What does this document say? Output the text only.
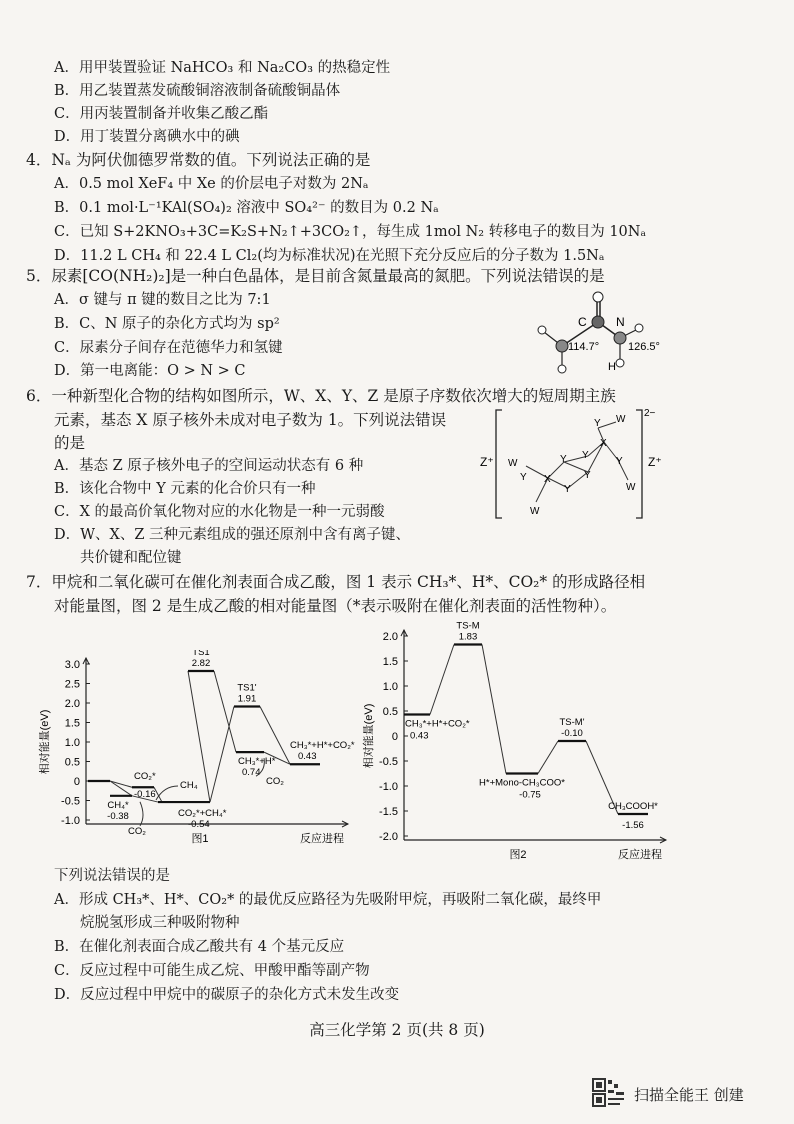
A．用甲装置验证 NaHCO₃ 和 Na₂CO₃ 的热稳定性
B．用乙装置蒸发硫酸铜溶液制备硫酸铜晶体
C．用丙装置制备并收集乙酸乙酯
D．用丁装置分离碘水中的碘
4．Nₐ 为阿伏伽德罗常数的值。下列说法正确的是
A．0.5 mol XeF₄ 中 Xe 的价层电子对数为 2Nₐ
B．0.1 mol·L⁻¹KAl(SO₄)₂ 溶液中 SO₄²⁻ 的数目为 0.2 Nₐ
C．已知 S+2KNO₃+3C=K₂S+N₂↑+3CO₂↑，每生成 1mol N₂ 转移电子的数目为 10Nₐ
D．11.2 L CH₄ 和 22.4 L Cl₂(均为标准状况)在光照下充分反应后的分子数为 1.5Nₐ
5．尿素[CO(NH₂)₂]是一种白色晶体，是目前含氮量最高的氮肥。下列说法错误的是
A．σ 键与 π 键的数目之比为 7:1
B．C、N 原子的杂化方式均为 sp²
C．尿素分子间存在范德华力和氢键
D．第一电离能：O > N > C
C N
H
114.7°	126.5°
6．一种新型化合物的结构如图所示，W、X、Y、Z 是原子序数依次增大的短周期主族
元素，基态 X 原子核外未成对电子数为 1。下列说法错误
的是
A．基态 Z 原子核外电子的空间运动状态有 6 种
B．该化合物中 Y 元素的化合价只有一种
C．X 的最高价氧化物对应的水化物是一种一元弱酸
D．W、X、Z 三种元素组成的强还原剂中含有离子键、
共价键和配位键
Z⁺	Z⁺
2−
W
Y X
Y Y
X
Y W
Y
W
Y
Y
W
7．甲烷和二氧化碳可在催化剂表面合成乙酸，图 1 表示 CH₃*、H*、CO₂* 的形成路径相
对能量图，图 2 是生成乙酸的相对能量图（*表示吸附在催化剂表面的活性物种）。
3.0
2.5
2.0
1.5
1.0
0.5
0
-0.5
-1.0
相对能量(eV)
反应进程
图1
CO₂*
-0.16
CH₄*
-0.38	CO₂*+CH₄*
-0.54
TS1
2.82
CH₃*+H*
0.74
TS1'
1.91
CH₃*+H*+CO₂*
0.43
CH₄
CO₂
CO₂
2.0
1.5
1.0
0.5
0
-0.5
-1.0
-1.5
-2.0
相对能量(eV)
反应进程
图2
CH₃*+H*+CO₂*
0.43
TS-M
1.83
H*+Mono-CH₃COO*
-0.75
TS-M'
-0.10
CH₃COOH*
-1.56
下列说法错误的是
A．形成 CH₃*、H*、CO₂* 的最优反应路径为先吸附甲烷，再吸附二氧化碳，最终甲
烷脱氢形成三种吸附物种
B．在催化剂表面合成乙酸共有 4 个基元反应
C．反应过程中可能生成乙烷、甲酸甲酯等副产物
D．反应过程中甲烷中的碳原子的杂化方式未发生改变
高三化学第 2 页(共 8 页)
扫描全能王 创建
